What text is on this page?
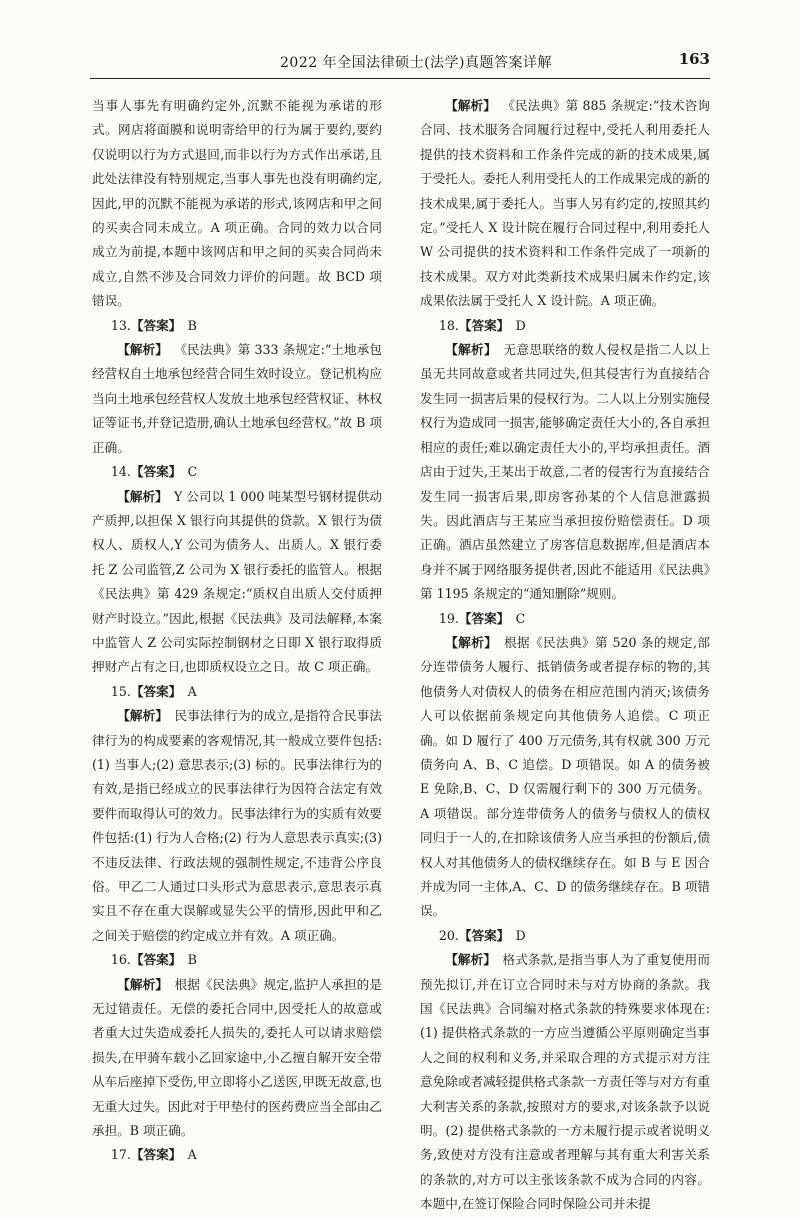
2022 年全国法律硕士(法学)真题答案详解	163

当事人事先有明确约定外,沉默不能视为承诺的形式。网店将面膜和说明寄给甲的行为属于要约,要约仅说明以行为方式退回,而非以行为方式作出承诺,且此处法律没有特别规定,当事人事先也没有明确约定,因此,甲的沉默不能视为承诺的形式,该网店和甲之间的买卖合同未成立。A 项正确。合同的效力以合同成立为前提,本题中该网店和甲之间的买卖合同尚未成立,自然不涉及合同效力评价的问题。故 BCD 项错误。

13.【答案】  B

【解析】  《民法典》第 333 条规定:“土地承包经营权自土地承包经营合同生效时设立。登记机构应当向土地承包经营权人发放土地承包经营权证、林权证等证书,并登记造册,确认土地承包经营权。”故 B 项正确。

14.【答案】  C

【解析】  Y 公司以 1 000 吨某型号钢材提供动产质押,以担保 X 银行向其提供的贷款。X 银行为债权人、质权人,Y 公司为债务人、出质人。X 银行委托 Z 公司监管,Z 公司为 X 银行委托的监管人。根据《民法典》第 429 条规定:“质权自出质人交付质押财产时设立。”因此,根据《民法典》及司法解释,本案中监管人 Z 公司实际控制钢材之日即 X 银行取得质押财产占有之日,也即质权设立之日。故 C 项正确。

15.【答案】  A

【解析】  民事法律行为的成立,是指符合民事法律行为的构成要素的客观情况,其一般成立要件包括:(1) 当事人;(2) 意思表示;(3) 标的。民事法律行为的有效,是指已经成立的民事法律行为因符合法定有效要件而取得认可的效力。民事法律行为的实质有效要件包括:(1) 行为人合格;(2) 行为人意思表示真实;(3) 不违反法律、行政法规的强制性规定,不违背公序良俗。甲乙二人通过口头形式为意思表示,意思表示真实且不存在重大误解或显失公平的情形,因此甲和乙之间关于赔偿的约定成立并有效。A 项正确。

16.【答案】  B

【解析】  根据《民法典》规定,监护人承担的是无过错责任。无偿的委托合同中,因受托人的故意或者重大过失造成委托人损失的,委托人可以请求赔偿损失,在甲骑车载小乙回家途中,小乙擅自解开安全带从车后座掉下受伤,甲立即将小乙送医,甲既无故意,也无重大过失。因此对于甲垫付的医药费应当全部由乙承担。B 项正确。

17.【答案】  A

【解析】  《民法典》第 885 条规定:“技术咨询合同、技术服务合同履行过程中,受托人利用委托人提供的技术资料和工作条件完成的新的技术成果,属于受托人。委托人利用受托人的工作成果完成的新的技术成果,属于委托人。当事人另有约定的,按照其约定。”受托人 X 设计院在履行合同过程中,利用委托人 W 公司提供的技术资料和工作条件完成了一项新的技术成果。双方对此类新技术成果归属未作约定,该成果依法属于受托人 X 设计院。A 项正确。

18.【答案】  D

【解析】  无意思联络的数人侵权是指二人以上虽无共同故意或者共同过失,但其侵害行为直接结合发生同一损害后果的侵权行为。二人以上分别实施侵权行为造成同一损害,能够确定责任大小的,各自承担相应的责任;难以确定责任大小的,平均承担责任。酒店由于过失,王某出于故意,二者的侵害行为直接结合发生同一损害后果,即房客孙某的个人信息泄露损失。因此酒店与王某应当承担按份赔偿责任。D 项正确。酒店虽然建立了房客信息数据库,但是酒店本身并不属于网络服务提供者,因此不能适用《民法典》第 1195 条规定的“通知删除”规则。

19.【答案】  C

【解析】  根据《民法典》第 520 条的规定,部分连带债务人履行、抵销债务或者提存标的物的,其他债务人对债权人的债务在相应范围内消灭;该债务人可以依据前条规定向其他债务人追偿。C 项正确。如 D 履行了 400 万元债务,其有权就 300 万元债务向 A、B、C 追偿。D 项错误。如 A 的债务被 E 免除,B、C、D 仅需履行剩下的 300 万元债务。A 项错误。部分连带债务人的债务与债权人的债权同归于一人的,在扣除该债务人应当承担的份额后,债权人对其他债务人的债权继续存在。如 B 与 E 因合并成为同一主体,A、C、D 的债务继续存在。B 项错误。

20.【答案】  D

【解析】  格式条款,是指当事人为了重复使用而预先拟订,并在订立合同时未与对方协商的条款。我国《民法典》合同编对格式条款的特殊要求体现在:(1) 提供格式条款的一方应当遵循公平原则确定当事人之间的权利和义务,并采取合理的方式提示对方注意免除或者减轻提供格式条款一方责任等与对方有重大利害关系的条款,按照对方的要求,对该条款予以说明。(2) 提供格式条款的一方未履行提示或者说明义务,致使对方没有注意或者理解与其有重大利害关系的条款的,对方可以主张该条款不成为合同的内容。本题中,在签订保险合同时保险公司并未提
